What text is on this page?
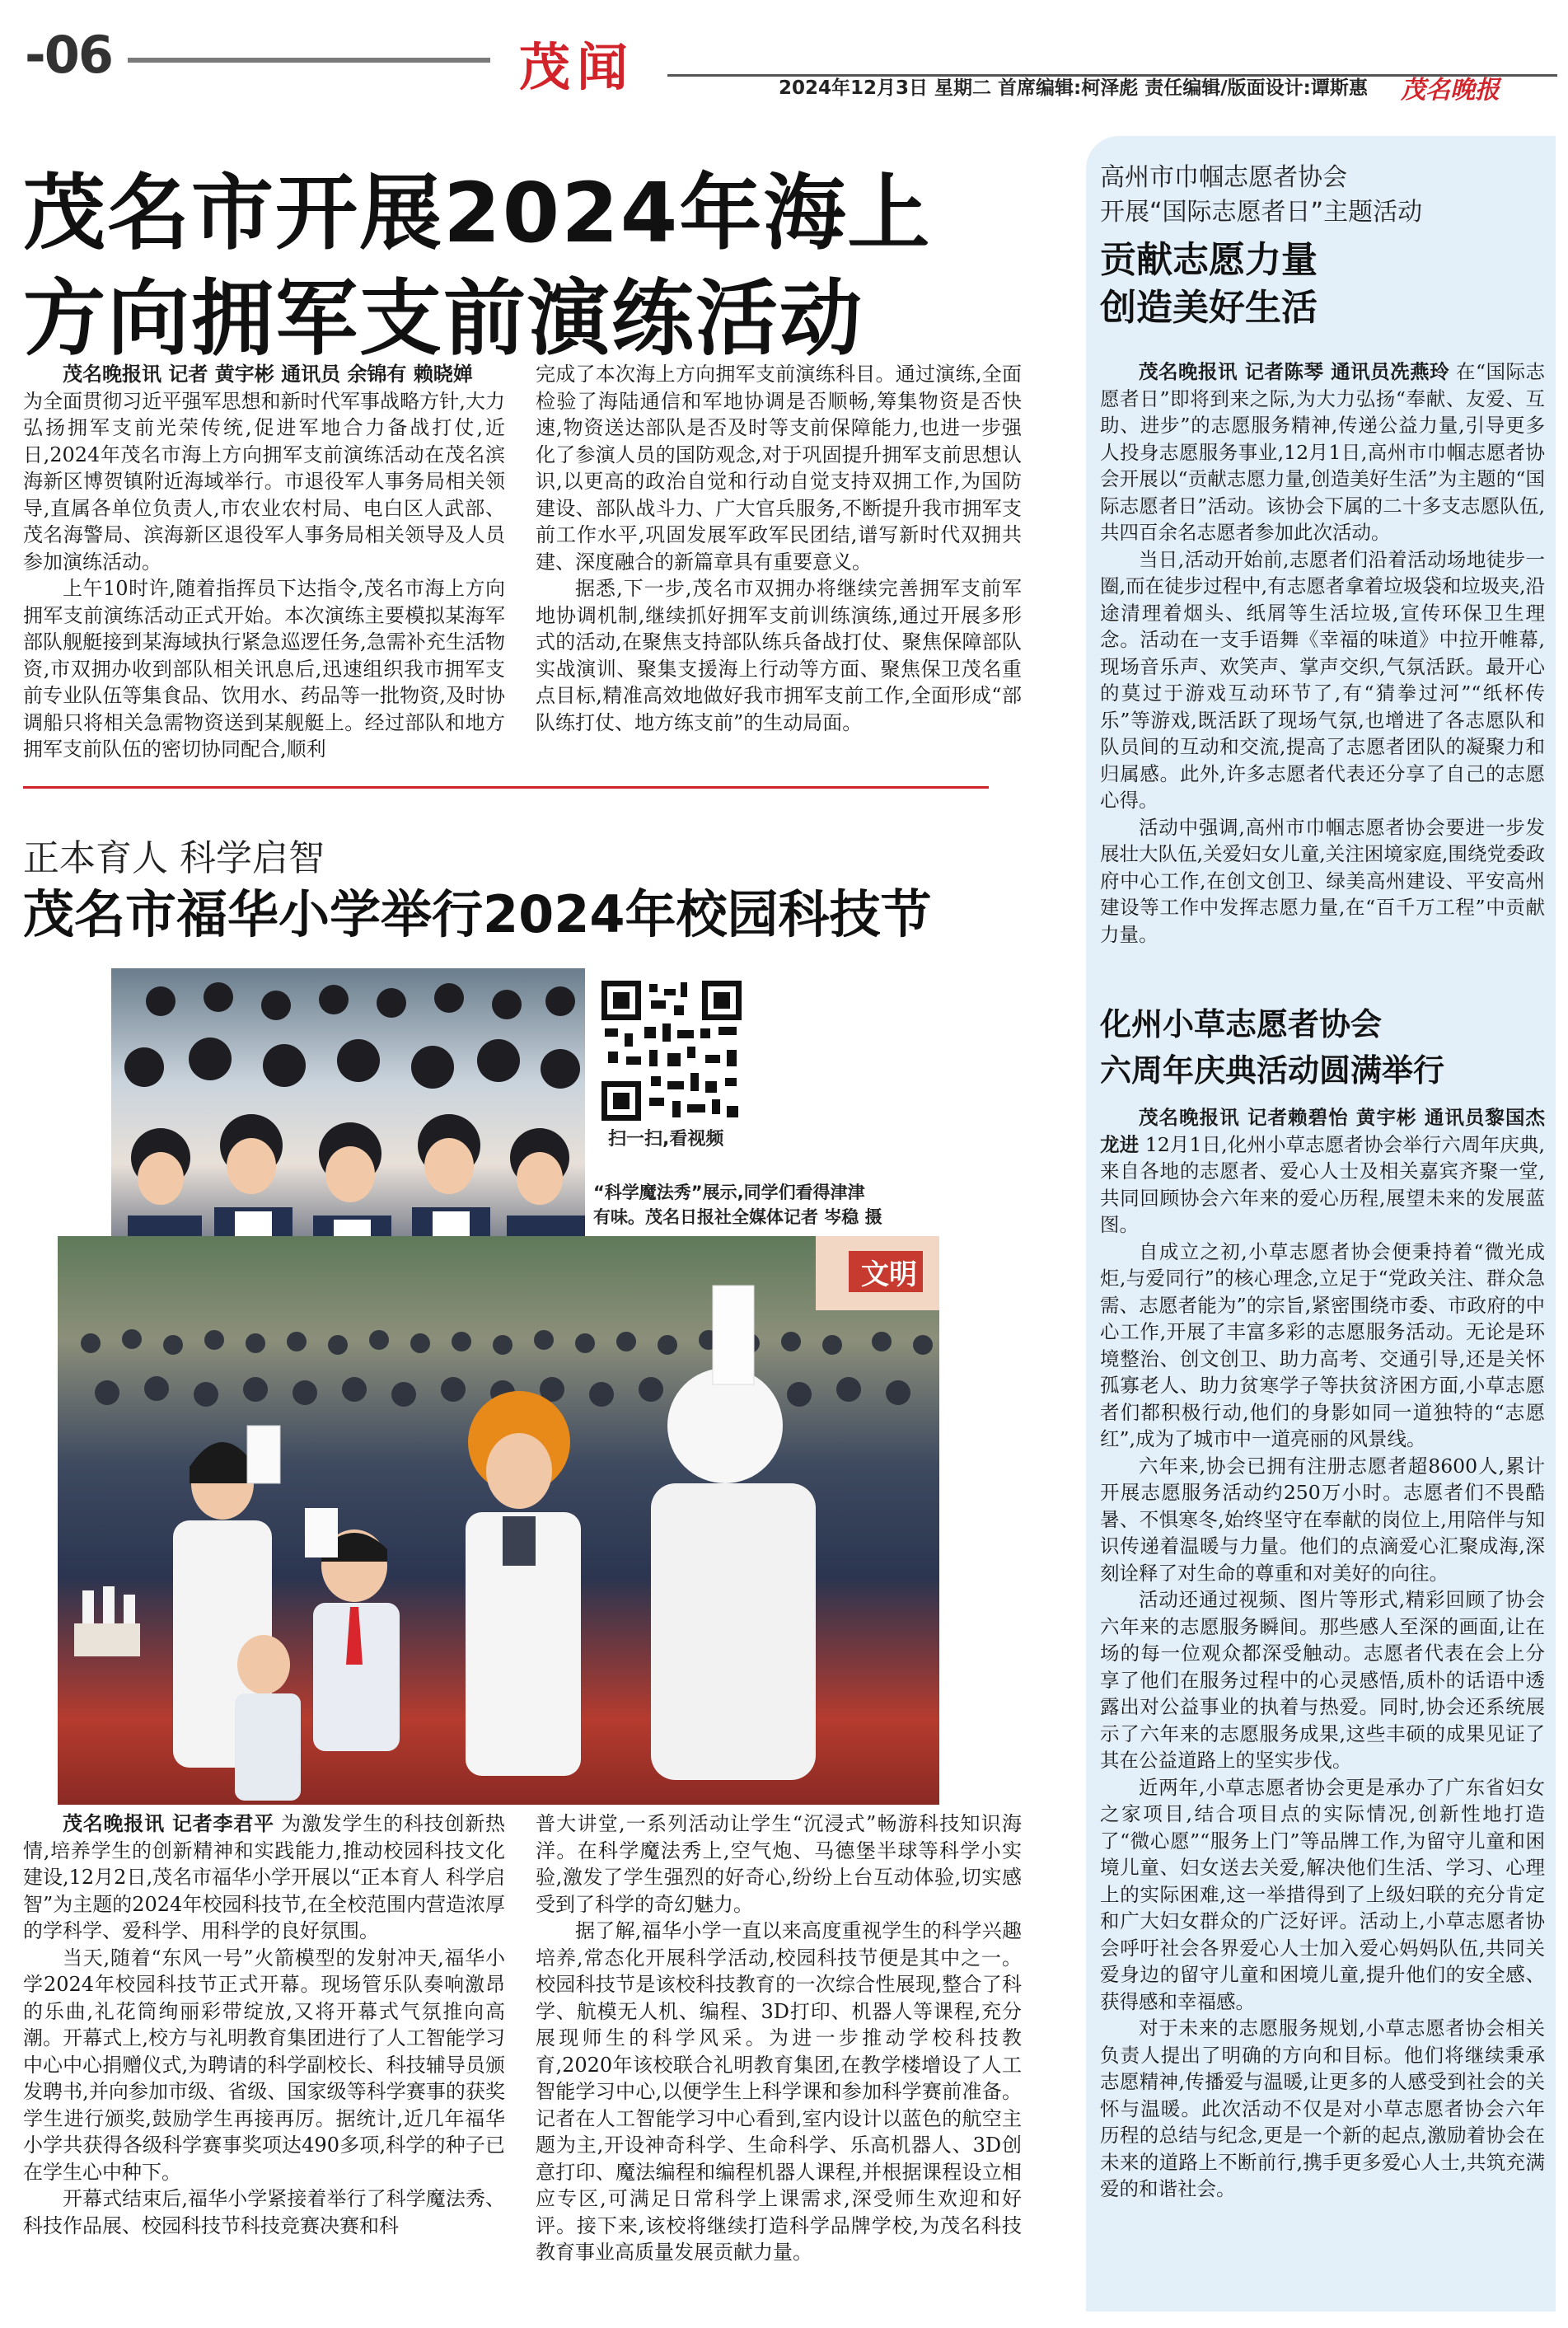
-06	茂闻	2024年12月3日 星期二 首席编辑:柯泽彪 责任编辑/版面设计:谭斯惠 茂名晚报
茂名市开展2024年海上
方向拥军支前演练活动

茂名晚报讯 记者 黄宇彬 通讯员 余锦有 赖晓婵

为全面贯彻习近平强军思想和新时代军事战略方针,大力弘扬拥军支前光荣传统,促进军地合力备战打仗,近日,2024年茂名市海上方向拥军支前演练活动在茂名滨海新区博贺镇附近海域举行。市退役军人事务局相关领导,直属各单位负责人,市农业农村局、电白区人武部、茂名海警局、滨海新区退役军人事务局相关领导及人员参加演练活动。

上午10时许,随着指挥员下达指令,茂名市海上方向拥军支前演练活动正式开始。本次演练主要模拟某海军部队舰艇接到某海域执行紧急巡逻任务,急需补充生活物资,市双拥办收到部队相关讯息后,迅速组织我市拥军支前专业队伍等集食品、饮用水、药品等一批物资,及时协调船只将相关急需物资送到某舰艇上。经过部队和地方拥军支前队伍的密切协同配合,顺利

完成了本次海上方向拥军支前演练科目。通过演练,全面检验了海陆通信和军地协调是否顺畅,筹集物资是否快速,物资送达部队是否及时等支前保障能力,也进一步强化了参演人员的国防观念,对于巩固提升拥军支前思想认识,以更高的政治自觉和行动自觉支持双拥工作,为国防建设、部队战斗力、广大官兵服务,不断提升我市拥军支前工作水平,巩固发展军政军民团结,谱写新时代双拥共建、深度融合的新篇章具有重要意义。

据悉,下一步,茂名市双拥办将继续完善拥军支前军地协调机制,继续抓好拥军支前训练演练,通过开展多形式的活动,在聚焦支持部队练兵备战打仗、聚焦保障部队实战演训、聚集支援海上行动等方面、聚焦保卫茂名重点目标,精准高效地做好我市拥军支前工作,全面形成“部队练打仗、地方练支前”的生动局面。

正本育人 科学启智
茂名市福华小学举行2024年校园科技节
扫一扫,看视频
“科学魔法秀”展示,同学们看得津津
有味。茂名日报社全媒体记者 岑稳 摄
文明

茂名晚报讯 记者李君平 为激发学生的科技创新热情,培养学生的创新精神和实践能力,推动校园科技文化建设,12月2日,茂名市福华小学开展以“正本育人 科学启智”为主题的2024年校园科技节,在全校范围内营造浓厚的学科学、爱科学、用科学的良好氛围。

当天,随着“东风一号”火箭模型的发射冲天,福华小学2024年校园科技节正式开幕。现场管乐队奏响激昂的乐曲,礼花筒绚丽彩带绽放,又将开幕式气氛推向高潮。开幕式上,校方与礼明教育集团进行了人工智能学习中心中心捐赠仪式,为聘请的科学副校长、科技辅导员颁发聘书,并向参加市级、省级、国家级等科学赛事的获奖学生进行颁奖,鼓励学生再接再厉。据统计,近几年福华小学共获得各级科学赛事奖项达490多项,科学的种子已在学生心中种下。

开幕式结束后,福华小学紧接着举行了科学魔法秀、科技作品展、校园科技节科技竞赛决赛和科

普大讲堂,一系列活动让学生“沉浸式”畅游科技知识海洋。在科学魔法秀上,空气炮、马德堡半球等科学小实验,激发了学生强烈的好奇心,纷纷上台互动体验,切实感受到了科学的奇幻魅力。

据了解,福华小学一直以来高度重视学生的科学兴趣培养,常态化开展科学活动,校园科技节便是其中之一。校园科技节是该校科技教育的一次综合性展现,整合了科学、航模无人机、编程、3D打印、机器人等课程,充分展现师生的科学风采。为进一步推动学校科技教育,2020年该校联合礼明教育集团,在教学楼增设了人工智能学习中心,以便学生上科学课和参加科学赛前准备。记者在人工智能学习中心看到,室内设计以蓝色的航空主题为主,开设神奇科学、生命科学、乐高机器人、3D创意打印、魔法编程和编程机器人课程,并根据课程设立相应专区,可满足日常科学上课需求,深受师生欢迎和好评。接下来,该校将继续打造科学品牌学校,为茂名科技教育事业高质量发展贡献力量。

高州市巾帼志愿者协会
开展“国际志愿者日”主题活动
贡献志愿力量
创造美好生活

茂名晚报讯 记者陈琴 通讯员冼燕玲 在“国际志愿者日”即将到来之际,为大力弘扬“奉献、友爱、互助、进步”的志愿服务精神,传递公益力量,引导更多人投身志愿服务事业,12月1日,高州市巾帼志愿者协会开展以“贡献志愿力量,创造美好生活”为主题的“国际志愿者日”活动。该协会下属的二十多支志愿队伍,共四百余名志愿者参加此次活动。

当日,活动开始前,志愿者们沿着活动场地徒步一圈,而在徒步过程中,有志愿者拿着垃圾袋和垃圾夹,沿途清理着烟头、纸屑等生活垃圾,宣传环保卫生理念。活动在一支手语舞《幸福的味道》中拉开帷幕,现场音乐声、欢笑声、掌声交织,气氛活跃。最开心的莫过于游戏互动环节了,有“猜拳过河”“纸杯传乐”等游戏,既活跃了现场气氛,也增进了各志愿队和队员间的互动和交流,提高了志愿者团队的凝聚力和归属感。此外,许多志愿者代表还分享了自己的志愿心得。

活动中强调,高州市巾帼志愿者协会要进一步发展壮大队伍,关爱妇女儿童,关注困境家庭,围绕党委政府中心工作,在创文创卫、绿美高州建设、平安高州建设等工作中发挥志愿力量,在“百千万工程”中贡献力量。

化州小草志愿者协会
六周年庆典活动圆满举行

茂名晚报讯 记者赖碧怡 黄宇彬 通讯员黎国杰 龙进 12月1日,化州小草志愿者协会举行六周年庆典,来自各地的志愿者、爱心人士及相关嘉宾齐聚一堂,共同回顾协会六年来的爱心历程,展望未来的发展蓝图。

自成立之初,小草志愿者协会便秉持着“微光成炬,与爱同行”的核心理念,立足于“党政关注、群众急需、志愿者能为”的宗旨,紧密围绕市委、市政府的中心工作,开展了丰富多彩的志愿服务活动。无论是环境整治、创文创卫、助力高考、交通引导,还是关怀孤寡老人、助力贫寒学子等扶贫济困方面,小草志愿者们都积极行动,他们的身影如同一道独特的“志愿红”,成为了城市中一道亮丽的风景线。

六年来,协会已拥有注册志愿者超8600人,累计开展志愿服务活动约250万小时。志愿者们不畏酷暑、不惧寒冬,始终坚守在奉献的岗位上,用陪伴与知识传递着温暖与力量。他们的点滴爱心汇聚成海,深刻诠释了对生命的尊重和对美好的向往。

活动还通过视频、图片等形式,精彩回顾了协会六年来的志愿服务瞬间。那些感人至深的画面,让在场的每一位观众都深受触动。志愿者代表在会上分享了他们在服务过程中的心灵感悟,质朴的话语中透露出对公益事业的执着与热爱。同时,协会还系统展示了六年来的志愿服务成果,这些丰硕的成果见证了其在公益道路上的坚实步伐。

近两年,小草志愿者协会更是承办了广东省妇女之家项目,结合项目点的实际情况,创新性地打造了“微心愿”“服务上门”等品牌工作,为留守儿童和困境儿童、妇女送去关爱,解决他们生活、学习、心理上的实际困难,这一举措得到了上级妇联的充分肯定和广大妇女群众的广泛好评。活动上,小草志愿者协会呼吁社会各界爱心人士加入爱心妈妈队伍,共同关爱身边的留守儿童和困境儿童,提升他们的安全感、获得感和幸福感。

对于未来的志愿服务规划,小草志愿者协会相关负责人提出了明确的方向和目标。他们将继续秉承志愿精神,传播爱与温暖,让更多的人感受到社会的关怀与温暖。此次活动不仅是对小草志愿者协会六年历程的总结与纪念,更是一个新的起点,激励着协会在未来的道路上不断前行,携手更多爱心人士,共筑充满爱的和谐社会。
